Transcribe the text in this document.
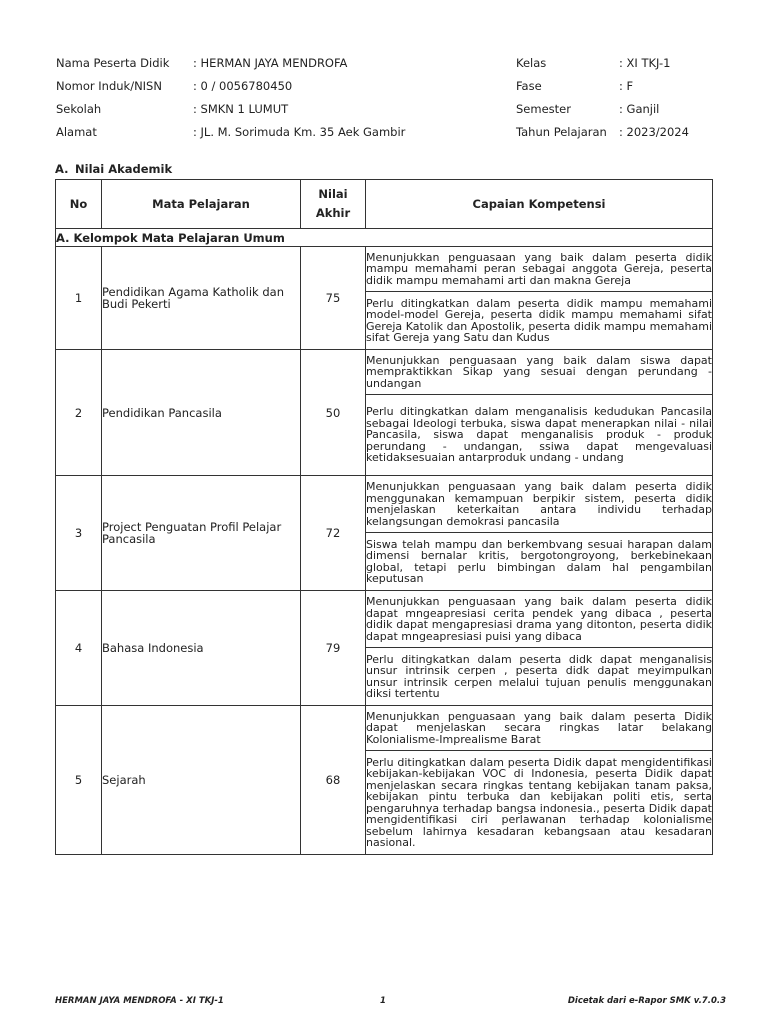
Nama Peserta Didik	: HERMAN JAYA MENDROFA
Nomor Induk/NISN	: 0 / 0056780450
Sekolah	: SMKN 1 LUMUT
Alamat	: JL. M. Sorimuda Km. 35 Aek Gambir
Kelas	: XI TKJ-1
Fase	: F
Semester	: Ganjil
Tahun Pelajaran	: 2023/2024
A. Nilai Akademik
No	Mata Pelajaran	Nilai Akhir	Capaian Kompetensi
A. Kelompok Mata Pelajaran Umum			
1	Pendidikan Agama Katholik dan Budi Pekerti	75	Menunjukkan penguasaan yang baik dalam peserta didik mampu memahami peran sebagai anggota Gereja, peserta didik mampu memahami arti dan makna Gereja
			Perlu ditingkatkan dalam peserta didik mampu memahami model-model Gereja, peserta didik mampu memahami sifat Gereja Katolik dan Apostolik, peserta didik mampu memahami sifat Gereja yang Satu dan Kudus
2	Pendidikan Pancasila	50	Menunjukkan penguasaan yang baik dalam siswa dapat mempraktikkan Sikap yang sesuai dengan perundang - undangan
			Perlu ditingkatkan dalam menganalisis kedudukan Pancasila sebagai Ideologi terbuka, siswa dapat menerapkan nilai - nilai Pancasila, siswa dapat menganalisis produk - produk perundang - undangan, ssiwa dapat mengevaluasi ketidaksesuaian antarproduk undang - undang
3	Project Penguatan Profil Pelajar Pancasila	72	Menunjukkan penguasaan yang baik dalam peserta didik menggunakan kemampuan berpikir sistem, peserta didik menjelaskan keterkaitan antara individu terhadap kelangsungan demokrasi pancasila
			Siswa telah mampu dan berkembvang sesuai harapan dalam dimensi bernalar kritis, bergotongroyong, berkebinekaan global, tetapi perlu bimbingan dalam hal pengambilan keputusan
4	Bahasa Indonesia	79	Menunjukkan penguasaan yang baik dalam peserta didik dapat mngeapresiasi cerita pendek yang dibaca , peserta didik dapat mengapresiasi drama yang ditonton, peserta didik dapat mngeapresiasi puisi yang dibaca
			Perlu ditingkatkan dalam peserta didk dapat menganalisis unsur intrinsik cerpen , peserta didk dapat meyimpulkan unsur intrinsik cerpen melalui tujuan penulis menggunakan diksi tertentu
5	Sejarah	68	Menunjukkan penguasaan yang baik dalam peserta Didik dapat menjelaskan secara ringkas latar belakang Kolonialisme-Imprealisme Barat
			Perlu ditingkatkan dalam peserta Didik dapat mengidentifikasi kebijakan-kebijakan VOC di Indonesia, peserta Didik dapat menjelaskan secara ringkas tentang kebijakan tanam paksa, kebijakan pintu terbuka dan kebijakan politi etis, serta pengaruhnya terhadap bangsa indonesia., peserta Didik dapat mengidentifikasi ciri perlawanan terhadap kolonialisme sebelum lahirnya kesadaran kebangsaan atau kesadaran nasional.
HERMAN JAYA MENDROFA - XI TKJ-1	1	Dicetak dari e-Rapor SMK v.7.0.3
